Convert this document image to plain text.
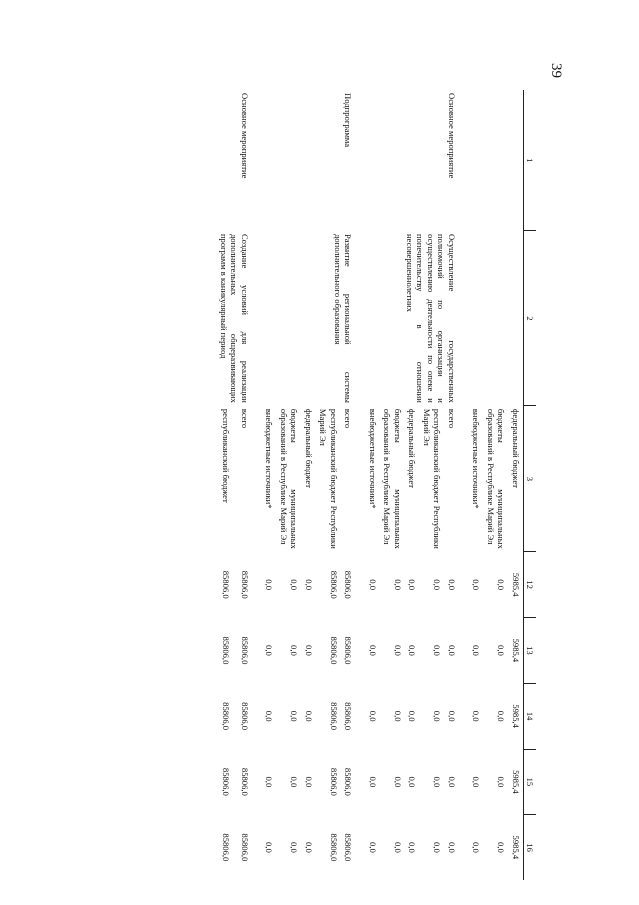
39
1	2	3	12	13	14	15	16
		федеральный бюджет	5985,4	5985,4	5985,4	5985,4	5985,4
		бюджеты муниципальных образований в Республике Марий Эл	0,0	0,0	0,0	0,0	0,0
		внебюджетные источники*	0,0	0,0	0,0	0,0	0,0
Основное мероприятие	Осуществление государственных полномочий по организации и осуществлению деятельности по опеке и попечительству в отношении несовершеннолетних	всего	0,0	0,0	0,0	0,0	0,0
		республиканский бюджет Республики Марий Эл	0,0	0,0	0,0	0,0	0,0
		федеральный бюджет	0,0	0,0	0,0	0,0	0,0
		бюджеты муниципальных образований в Республике Марий Эл	0,0	0,0	0,0	0,0	0,0
		внебюджетные источники*	0,0	0,0	0,0	0,0	0,0
Подпрограмма	Развитие региональной системы дополнительного образования	всего	85806,0	85806,0	85806,0	85806,0	85806,0
		республиканский бюджет Республики Марий Эл	85806,0	85806,0	85806,0	85806,0	85806,0
		федеральный бюджет	0,0	0,0	0,0	0,0	0,0
		бюджеты муниципальных образований в Республике Марий Эл	0,0	0,0	0,0	0,0	0,0
		внебюджетные источники*	0,0	0,0	0,0	0,0	0,0
Основное мероприятие	Создание условий для реализации дополнительных общеразвивающих программ в каникулярный период	всего	85806,0	85806,0	85806,0	85806,0	85806,0
		республиканский бюджет	85806,0	85806,0	85806,0	85806,0	85806,0
